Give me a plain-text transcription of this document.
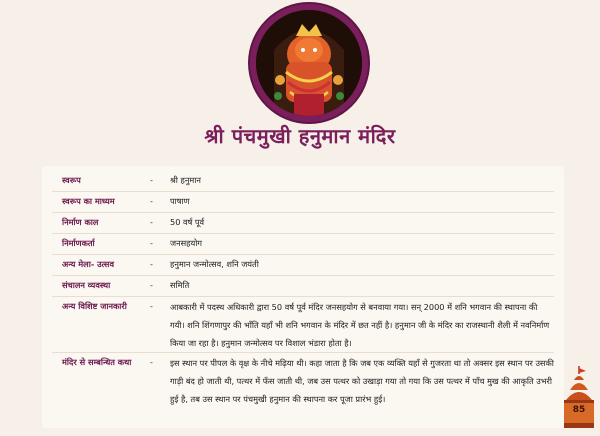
श्री पंचमुखी हनुमान मंदिर
स्वरूप	-	श्री हनुमान
स्वरूप का माध्यम	-	पाषाण
निर्माण काल	-	50 वर्ष पूर्व
निर्माणकर्ता	-	जनसहयोग
अन्य मेला- उत्सव	-	हनुमान जन्मोत्सव, शनि जयंती
संचालन व्यवस्था	-	समिति
अन्य विशिष्ट जानकारी	-	आबकारी में पदस्थ अधिकारी द्वारा 50 वर्ष पूर्व मंदिर जनसहयोग से बनवाया गया। सन् 2000 में शनि भगवान की स्थापना की गयी। शनि शिंगणापुर की भाँति यहाँ भी शनि भगवान के मंदिर में छत नहीं है। हनुमान जी के मंदिर का राजस्थानी शैली में नवनिर्माण किया जा रहा है। हनुमान जन्मोत्सव पर विशाल भंडारा होता है।
मंदिर से सम्बन्धित कथा	-	इस स्थान पर पीपल के वृक्ष के नीचे मढ़िया थी। कहा जाता है कि जब एक व्यक्ति यहाँ से गुजरता था तो अक्सर इस स्थान पर उसकी गाड़ी बंद हो जाती थी, पत्थर में फँस जाती थी, जब उस पत्थर को उखाड़ा गया तो गया कि उस पत्थर में पाँच मुख की आकृति उभरी हुई है, तब उस स्थान पर पंचमुखी हनुमान की स्थापना कर पूजा प्रारंभ हुई।
85
